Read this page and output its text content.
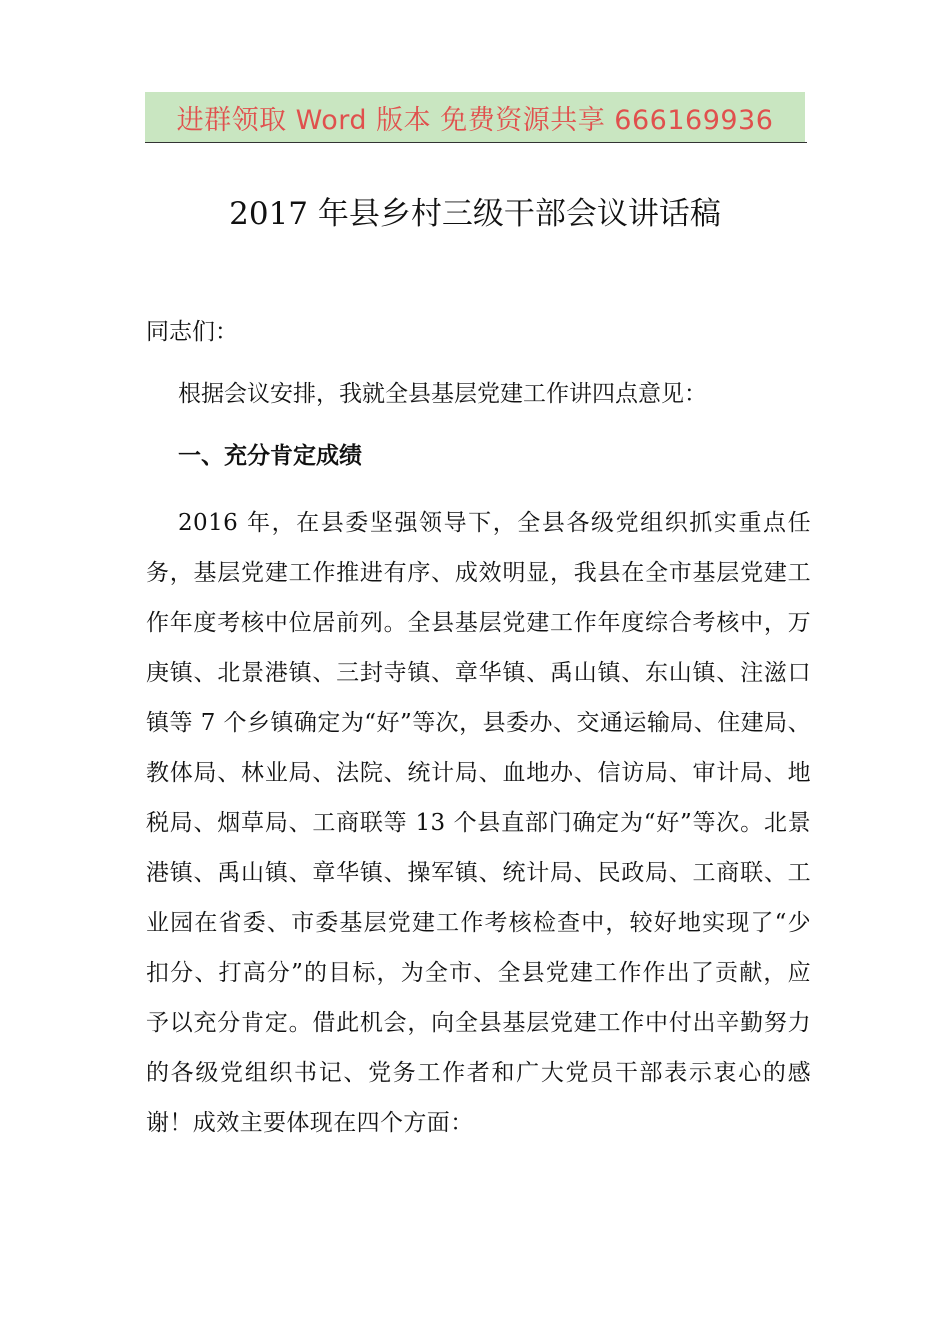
进群领取 Word 版本 免费资源共享 666169936
2017 年县乡村三级干部会议讲话稿

同志们：

根据会议安排，我就全县基层党建工作讲四点意见：

一、充分肯定成绩

2016 年，在县委坚强领导下，全县各级党组织抓实重点任务，基层党建工作推进有序、成效明显，我县在全市基层党建工作年度考核中位居前列。全县基层党建工作年度综合考核中，万庚镇、北景港镇、三封寺镇、章华镇、禹山镇、东山镇、注滋口镇等 7 个乡镇确定为“好”等次，县委办、交通运输局、住建局、教体局、林业局、法院、统计局、血地办、信访局、审计局、地税局、烟草局、工商联等 13 个县直部门确定为“好”等次。北景港镇、禹山镇、章华镇、操军镇、统计局、民政局、工商联、工业园在省委、市委基层党建工作考核检查中，较好地实现了“少扣分、打高分”的目标，为全市、全县党建工作作出了贡献，应予以充分肯定。借此机会，向全县基层党建工作中付出辛勤努力的各级党组织书记、党务工作者和广大党员干部表示衷心的感谢！成效主要体现在四个方面：
